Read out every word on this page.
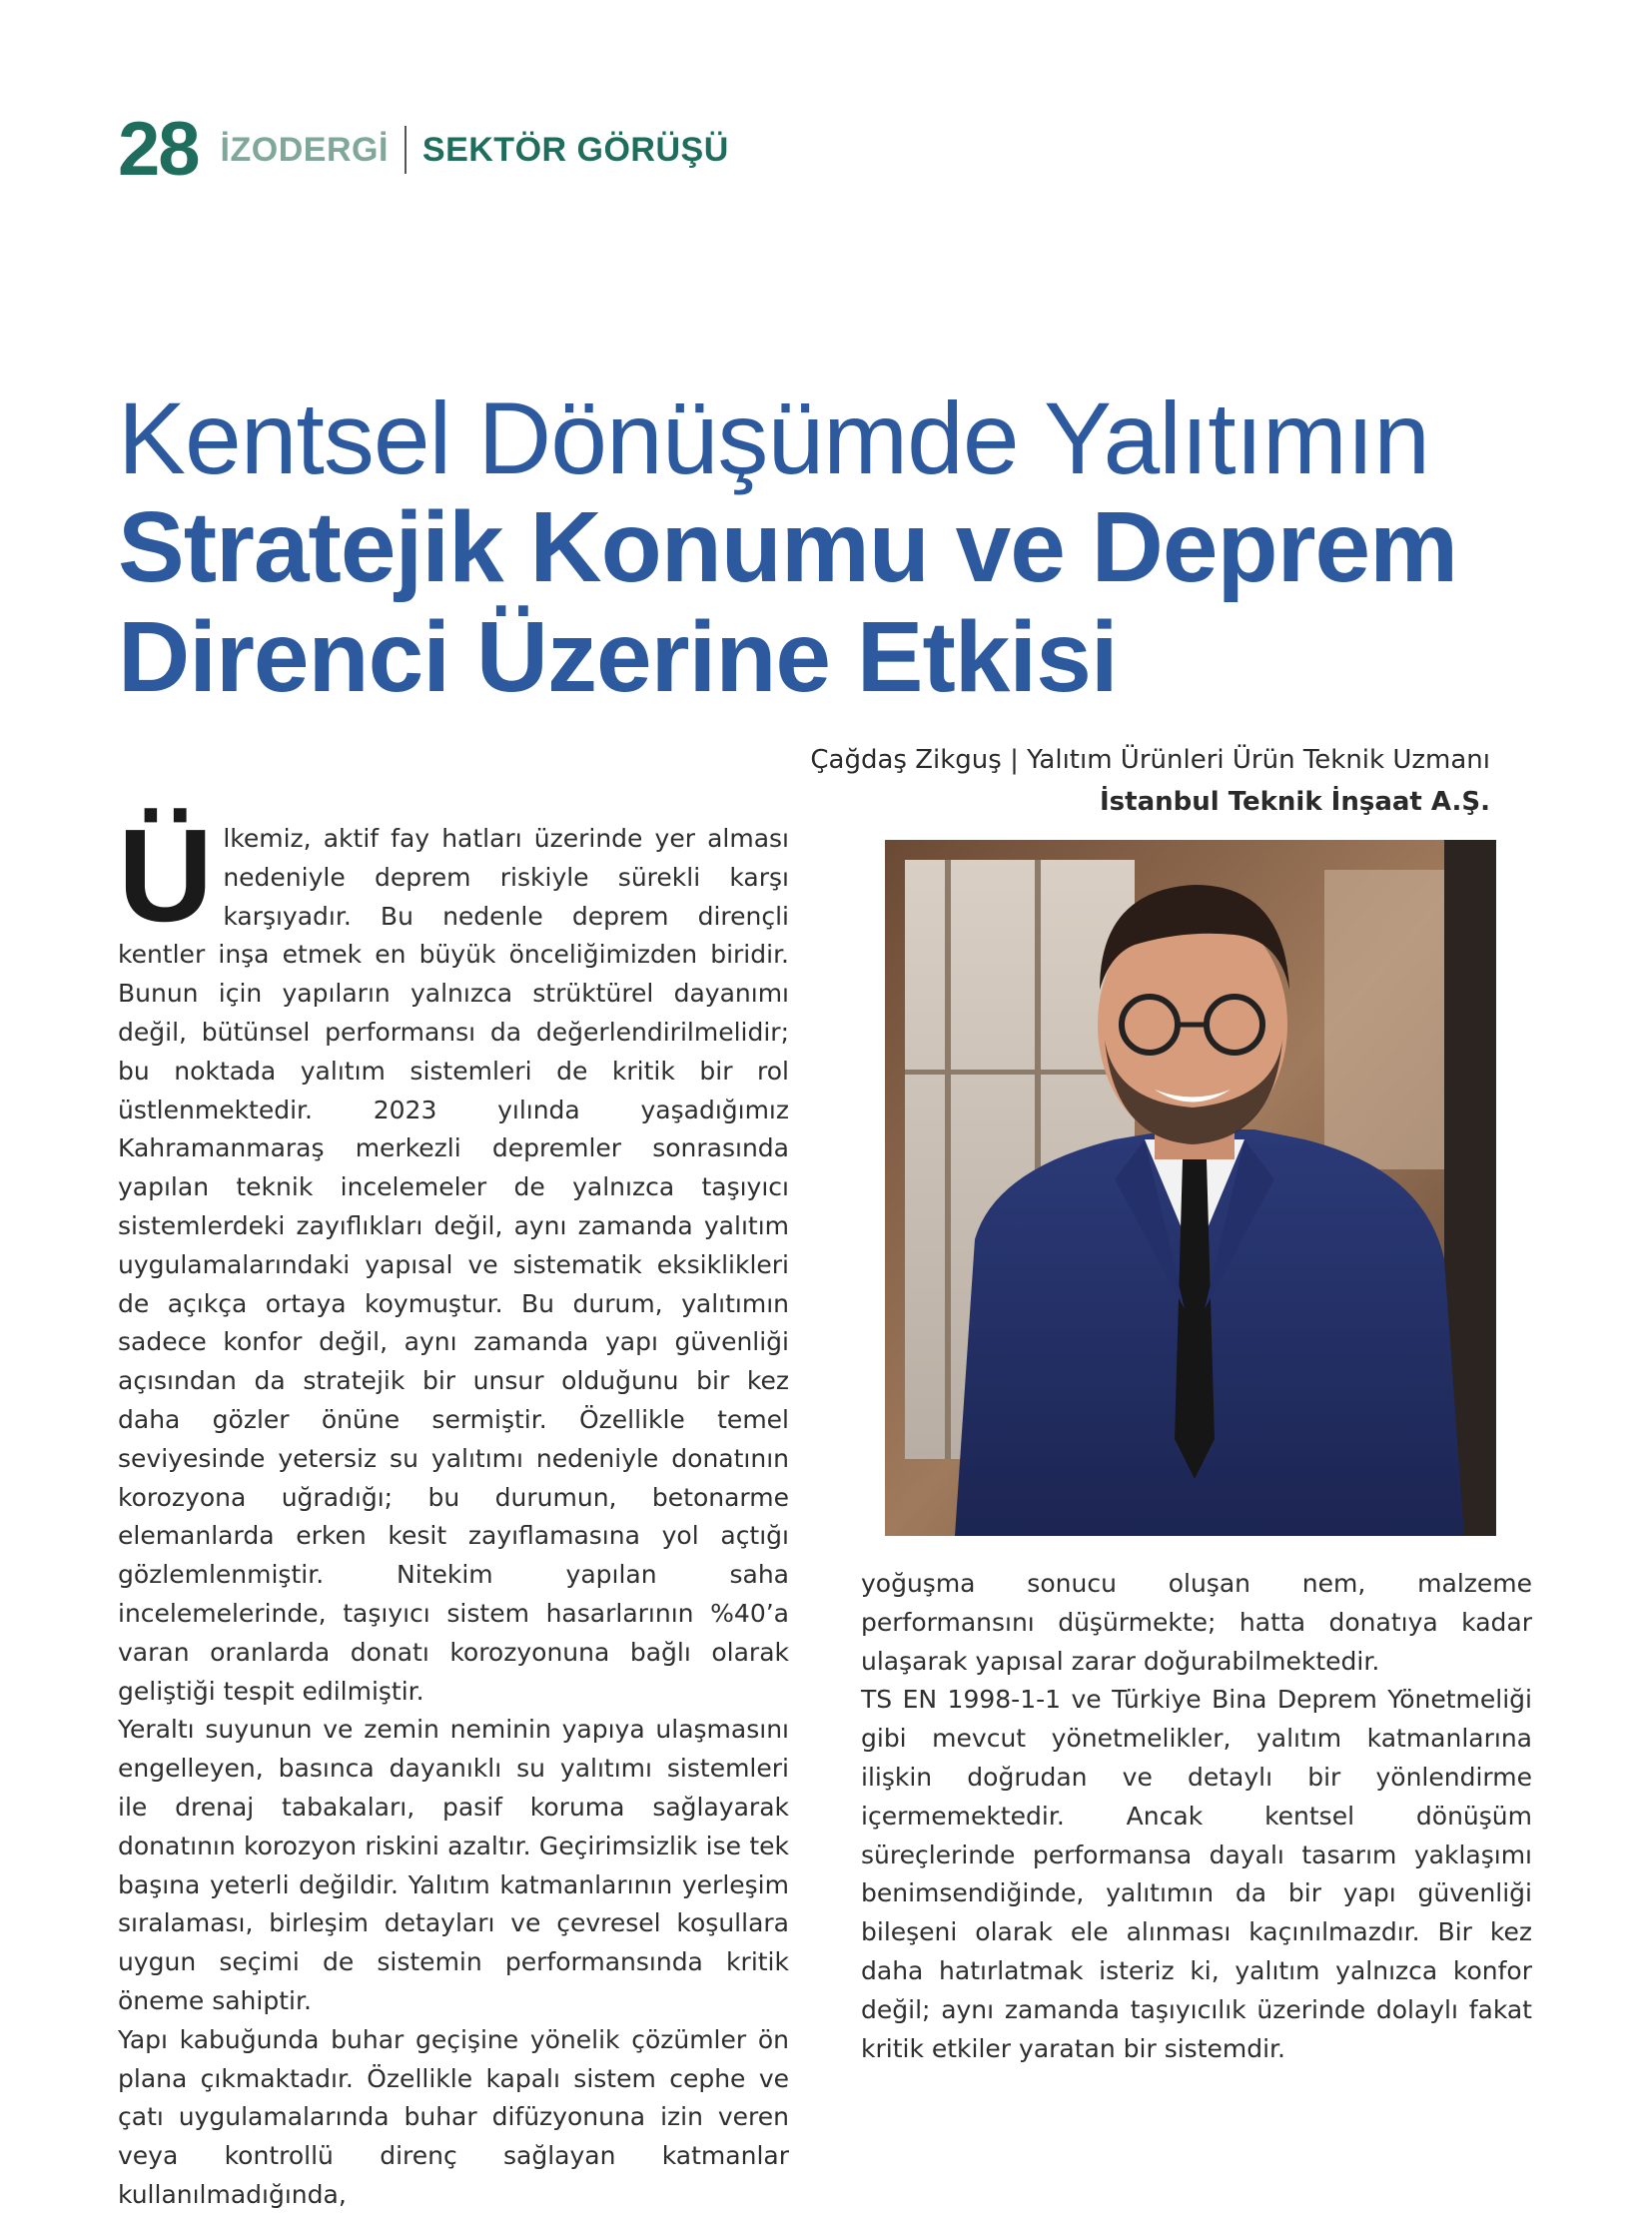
28 İZODERGİ SEKTÖR GÖRÜŞÜ
Kentsel Dönüşümde Yalıtımın
Stratejik Konumu ve Deprem
Direnci Üzerine Etkisi
Çağdaş Zikguş | Yalıtım Ürünleri Ürün Teknik Uzmanı
İstanbul Teknik İnşaat A.Ş.

Ülkemiz, aktif fay hatları üzerinde yer alması nedeniyle deprem riskiyle sürekli karşı karşıyadır. Bu nedenle deprem dirençli kentler inşa etmek en büyük önceliğimizden biridir. Bunun için yapıların yalnızca strüktürel dayanımı değil, bütünsel performansı da değerlendirilmelidir; bu noktada yalıtım sistemleri de kritik bir rol üstlenmektedir. 2023 yılında yaşadığımız Kahramanmaraş merkezli depremler sonrasında yapılan teknik incelemeler de yalnızca taşıyıcı sistemlerdeki zayıflıkları değil, aynı zamanda yalıtım uygulamalarındaki yapısal ve sistematik eksiklikleri de açıkça ortaya koymuştur. Bu durum, yalıtımın sadece konfor değil, aynı zamanda yapı güvenliği açısından da stratejik bir unsur olduğunu bir kez daha gözler önüne sermiştir. Özellikle temel seviyesinde yetersiz su yalıtımı nedeniyle donatının korozyona uğradığı; bu durumun, betonarme elemanlarda erken kesit zayıflamasına yol açtığı gözlemlenmiştir. Nitekim yapılan saha incelemelerinde, taşıyıcı sistem hasarlarının %40’a varan oranlarda donatı korozyonuna bağlı olarak geliştiği tespit edilmiştir.

Yeraltı suyunun ve zemin neminin yapıya ulaşmasını engelleyen, basınca dayanıklı su yalıtımı sistemleri ile drenaj tabakaları, pasif koruma sağlayarak donatının korozyon riskini azaltır. Geçirimsizlik ise tek başına yeterli değildir. Yalıtım katmanlarının yerleşim sıralaması, birleşim detayları ve çevresel koşullara uygun seçimi de sistemin performansında kritik öneme sahiptir.

Yapı kabuğunda buhar geçişine yönelik çözümler ön plana çıkmaktadır. Özellikle kapalı sistem cephe ve çatı uygulamalarında buhar difüzyonuna izin veren veya kontrollü direnç sağlayan katmanlar kullanılmadığında,

yoğuşma sonucu oluşan nem, malzeme performansını düşürmekte; hatta donatıya kadar ulaşarak yapısal zarar doğurabilmektedir.

TS EN 1998-1-1 ve Türkiye Bina Deprem Yönetmeliği gibi mevcut yönetmelikler, yalıtım katmanlarına ilişkin doğrudan ve detaylı bir yönlendirme içermemektedir. Ancak kentsel dönüşüm süreçlerinde performansa dayalı tasarım yaklaşımı benimsendiğinde, yalıtımın da bir yapı güvenliği bileşeni olarak ele alınması kaçınılmazdır. Bir kez daha hatırlatmak isteriz ki, yalıtım yalnızca konfor değil; aynı zamanda taşıyıcılık üzerinde dolaylı fakat kritik etkiler yaratan bir sistemdir.
